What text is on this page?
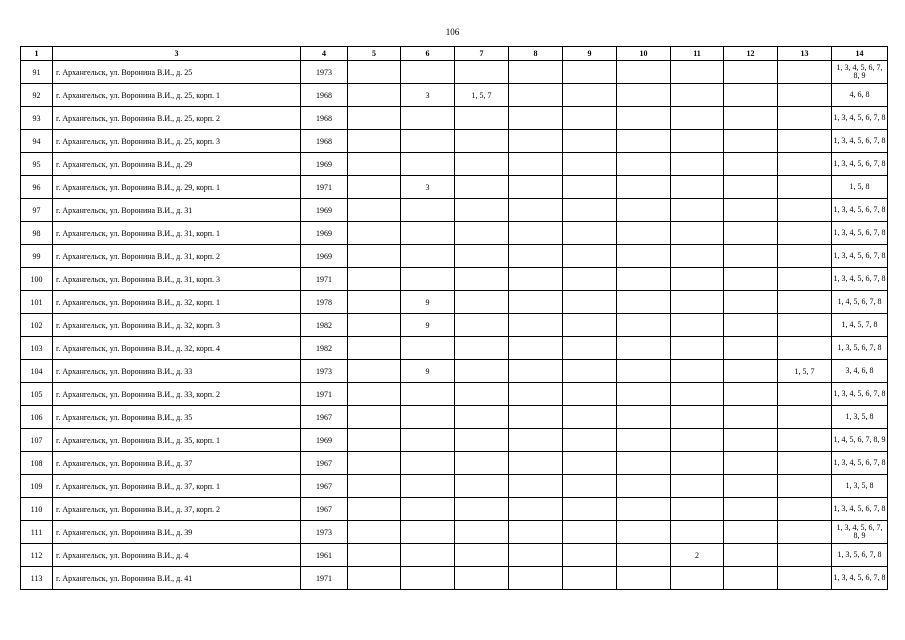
106
1	3	4	5	6	7	8	9	10	11	12	13	14
91	г. Архангельск, ул. Воронина В.И., д. 25	1973										1, 3, 4, 5, 6, 7, 8, 9
92	г. Архангельск, ул. Воронина В.И., д. 25, корп. 1	1968		3	1, 5, 7							4, 6, 8
93	г. Архангельск, ул. Воронина В.И., д. 25, корп. 2	1968										1, 3, 4, 5, 6, 7, 8
94	г. Архангельск, ул. Воронина В.И., д. 25, корп. 3	1968										1, 3, 4, 5, 6, 7, 8
95	г. Архангельск, ул. Воронина В.И., д. 29	1969										1, 3, 4, 5, 6, 7, 8
96	г. Архангельск, ул. Воронина В.И., д. 29, корп. 1	1971		3								1, 5, 8
97	г. Архангельск, ул. Воронина В.И., д. 31	1969										1, 3, 4, 5, 6, 7, 8
98	г. Архангельск, ул. Воронина В.И., д. 31, корп. 1	1969										1, 3, 4, 5, 6, 7, 8
99	г. Архангельск, ул. Воронина В.И., д. 31, корп. 2	1969										1, 3, 4, 5, 6, 7, 8
100	г. Архангельск, ул. Воронина В.И., д. 31, корп. 3	1971										1, 3, 4, 5, 6, 7, 8
101	г. Архангельск, ул. Воронина В.И., д. 32, корп. 1	1978		9								1, 4, 5, 6, 7, 8
102	г. Архангельск, ул. Воронина В.И., д. 32, корп. 3	1982		9								1, 4, 5, 7, 8
103	г. Архангельск, ул. Воронина В.И., д. 32, корп. 4	1982										1, 3, 5, 6, 7, 8
104	г. Архангельск, ул. Воронина В.И., д. 33	1973		9							1, 5, 7	3, 4, 6, 8
105	г. Архангельск, ул. Воронина В.И., д. 33, корп. 2	1971										1, 3, 4, 5, 6, 7, 8
106	г. Архангельск, ул. Воронина В.И., д. 35	1967										1, 3, 5, 8
107	г. Архангельск, ул. Воронина В.И., д. 35, корп. 1	1969										1, 4, 5, 6, 7, 8, 9
108	г. Архангельск, ул. Воронина В.И., д. 37	1967										1, 3, 4, 5, 6, 7, 8
109	г. Архангельск, ул. Воронина В.И., д. 37, корп. 1	1967										1, 3, 5, 8
110	г. Архангельск, ул. Воронина В.И., д. 37, корп. 2	1967										1, 3, 4, 5, 6, 7, 8
111	г. Архангельск, ул. Воронина В.И., д. 39	1973										1, 3, 4, 5, 6, 7, 8, 9
112	г. Архангельск, ул. Воронина В.И., д. 4	1961							2			1, 3, 5, 6, 7, 8
113	г. Архангельск, ул. Воронина В.И., д. 41	1971										1, 3, 4, 5, 6, 7, 8
